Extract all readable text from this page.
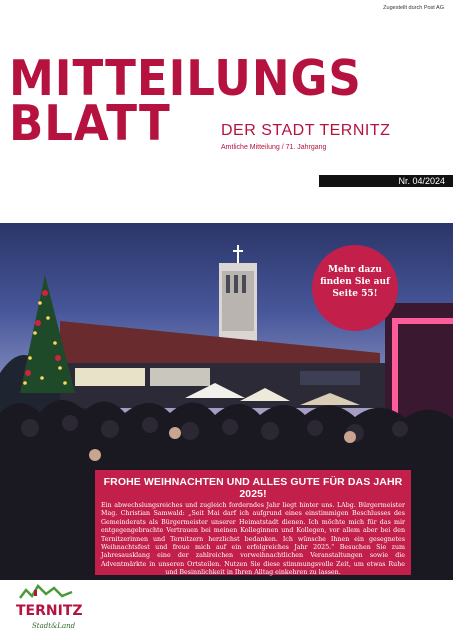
Zugestellt durch Post AG
MITTEILUNGS
BLATT	DER STADT TERNITZ
Amtliche Mitteilung / 71. Jahrgang
Nr. 04/2024
Mehr dazu
finden Sie auf
Seite 55!
FROHE WEIHNACHTEN UND ALLES GUTE FÜR DAS JAHR 2025!
Ein abwechslungsreiches und zugleich forderndes Jahr liegt hinter uns. LAbg. Bürgermeister Mag. Christian Samwald: „Seit Mai darf ich aufgrund eines einstimmigen Beschlusses des Gemeinderats als Bürgermeister unserer Heimatstadt dienen. Ich möchte mich für das mir entgegengebrachte Vertrauen bei meinen Kolleginnen und Kollegen, vor allem aber bei den Ternitzerinnen und Ternitzern herzlichst bedanken. Ich wünsche Ihnen ein gesegnetes Weihnachtsfest und freue mich auf ein erfolgreiches Jahr 2025.“ Besuchen Sie zum Jahresausklang eine der zahlreichen vorweihnachtlichen Veranstaltungen sowie die Adventmärkte in unseren Ortsteilen. Nutzen Sie diese stimmungsvolle Zeit, um etwas Ruhe und Besinnlichkeit in Ihren Alltag einkehren zu lassen.
TERNITZ
Stadt&Land
